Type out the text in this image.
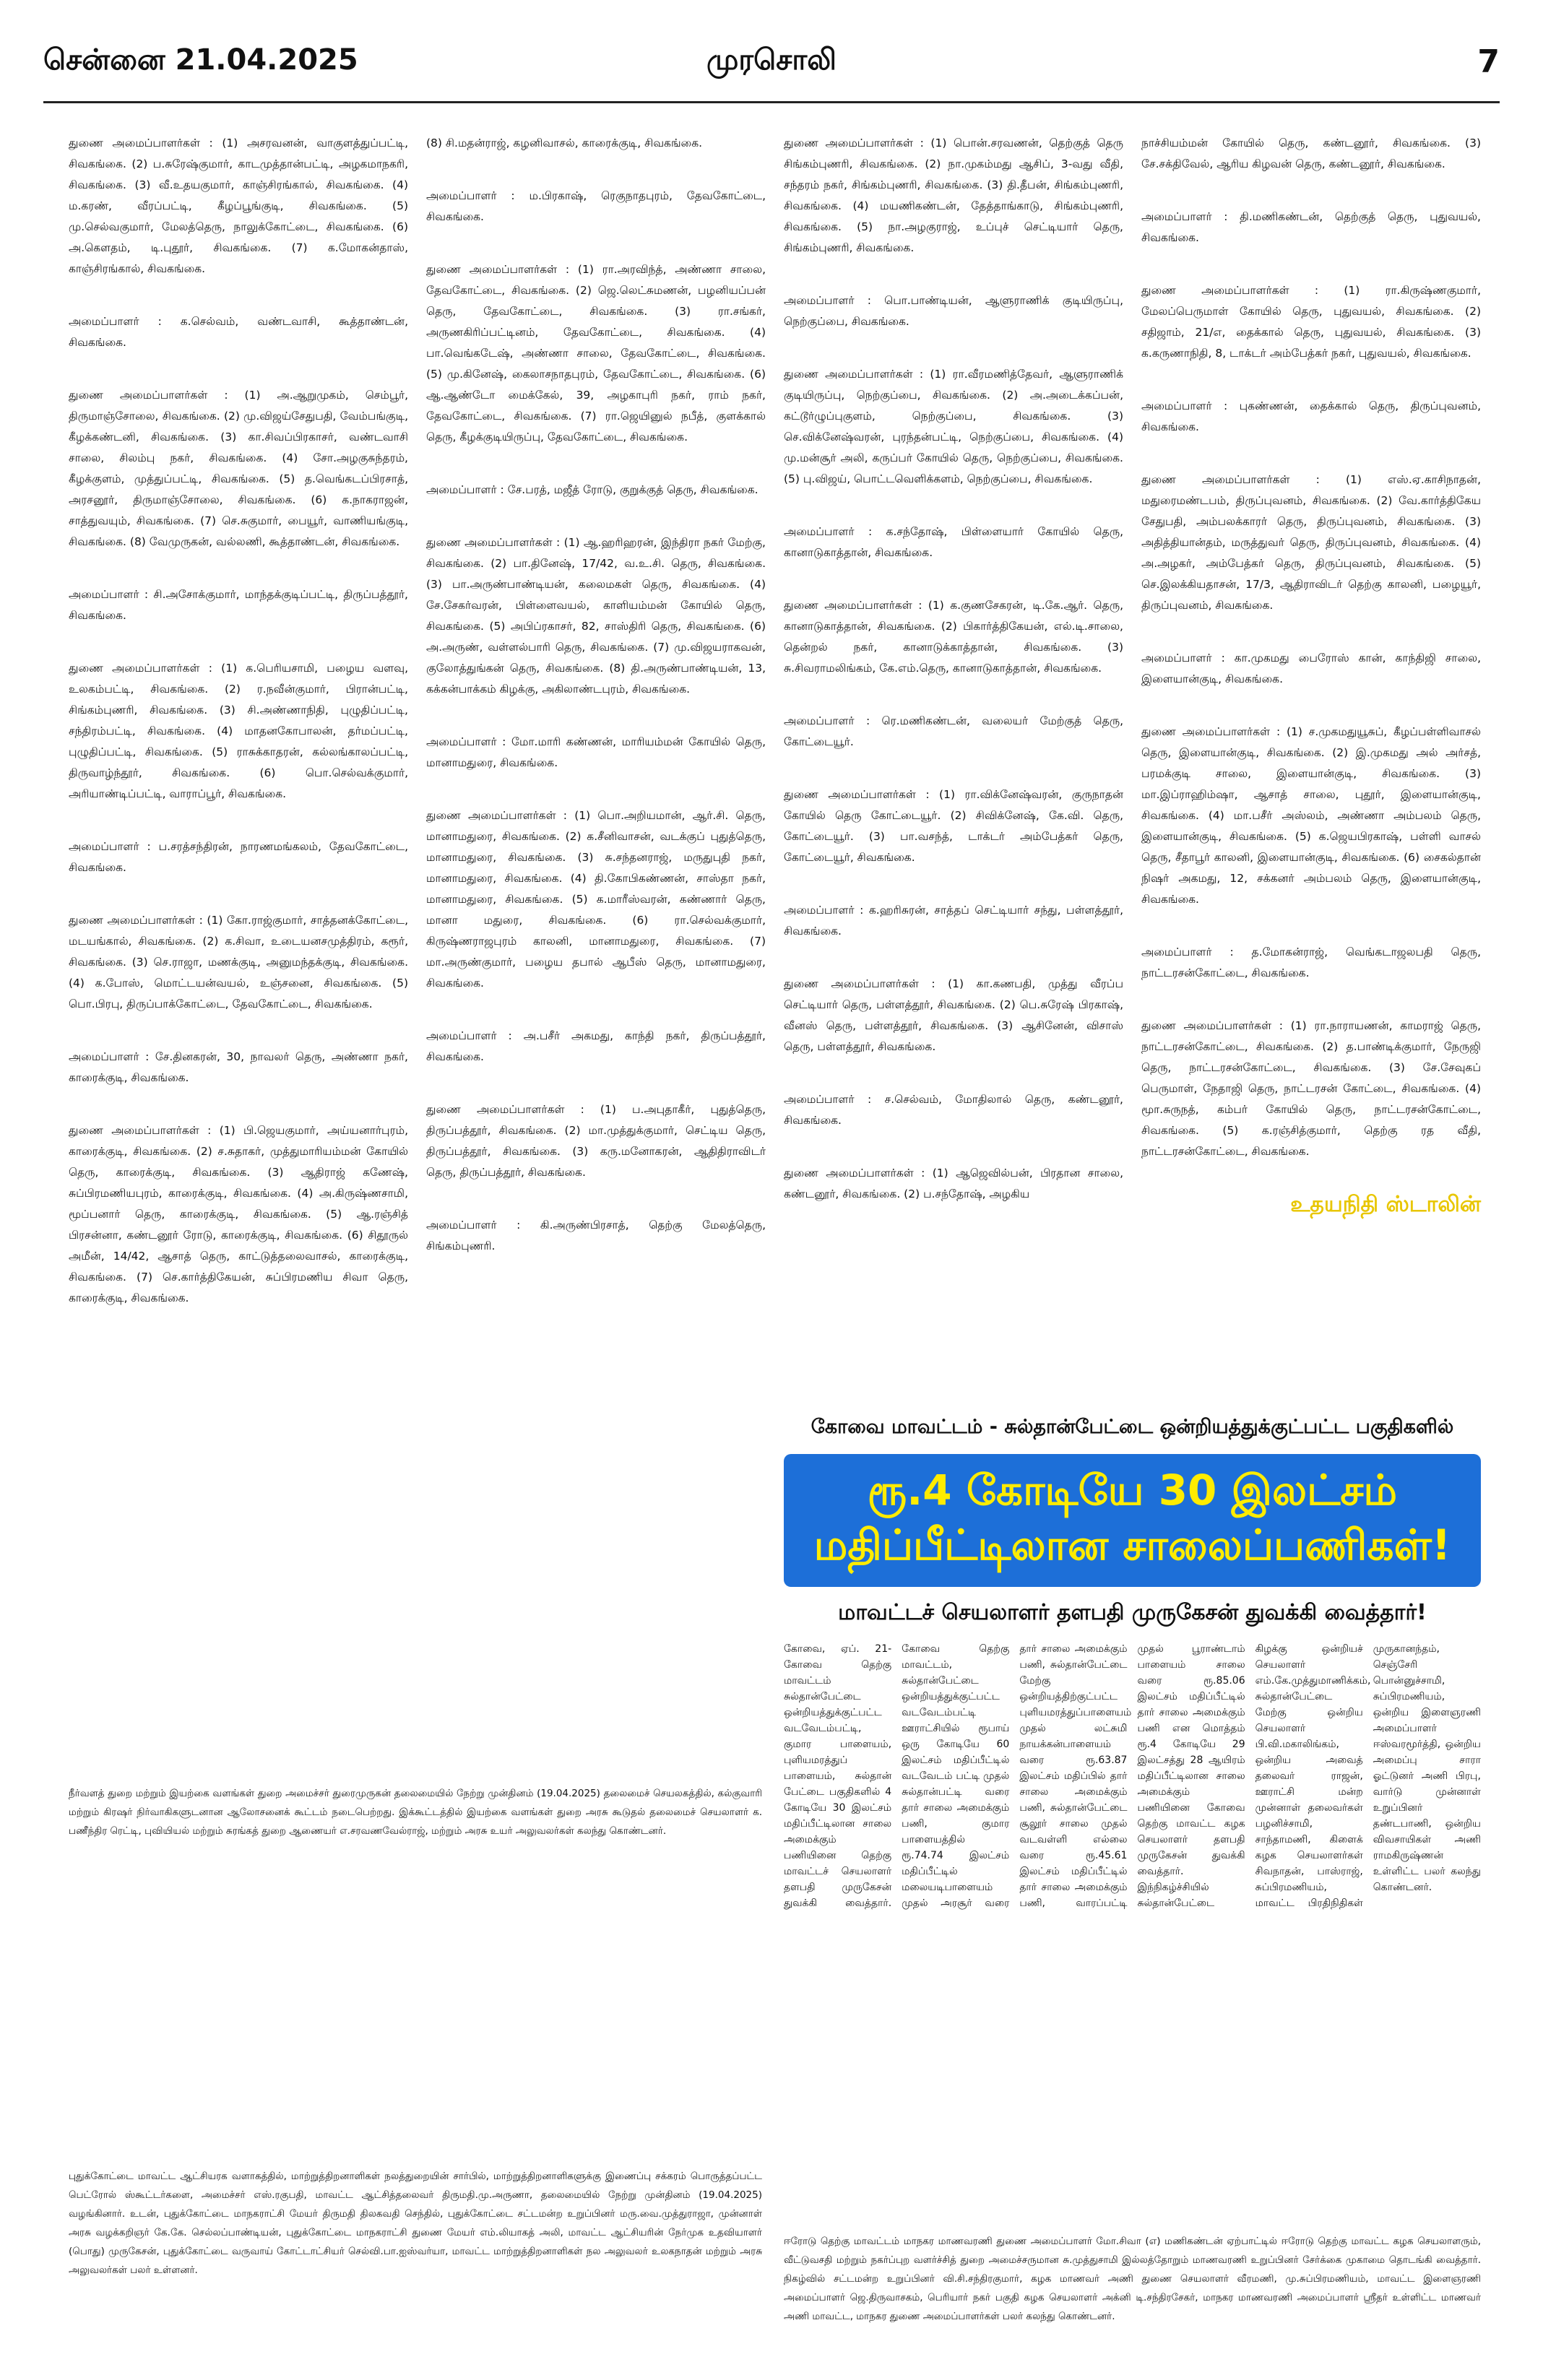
சென்னை 21.04.2025	முரசொலி	7

துணை அமைப்பாளர்கள் : (1) அசரவனன், வாகுளத்துப்பட்டி, சிவகங்கை. (2) ப.சுரேஷ்குமார், காடமுத்தான்பட்டி, அழகமாநகரி, சிவகங்கை. (3) வீ.உதயகுமார், காஞ்சிரங்கால், சிவகங்கை. (4) ம.கரண், வீரப்பட்டி, கீழப்பூங்குடி, சிவகங்கை. (5) மு.செல்வகுமார், மேலத்தெரு, நாலுக்கோட்டை, சிவகங்கை. (6) அ.கௌதம், டி.புதூர், சிவகங்கை. (7) க.மோகன்தாஸ், காஞ்சிரங்கால், சிவகங்கை.

அமைப்பாளர் : க.செல்வம், வண்டவாசி, கூத்தாண்டன், சிவகங்கை.

துணை அமைப்பாளர்கள் : (1) அ.ஆறுமுகம், செம்பூர், திருமாஞ்சோலை, சிவகங்கை. (2) மு.விஜய்சேதுபதி, வேம்பங்குடி, கீழக்கண்டனி, சிவகங்கை. (3) கா.சிவப்பிரகாசர், வண்டவாசி சாலை, சிலம்பு நகர், சிவகங்கை. (4) சோ.அழகுசுந்தரம், கீழக்குளம், முத்துப்பட்டி, சிவகங்கை. (5) த.வெங்கடப்பிரசாத், அரசனூர், திருமாஞ்சோலை, சிவகங்கை. (6) க.நாகராஜன், சாத்துவயும், சிவகங்கை. (7) செ.சுகுமார், பையூர், வாணியங்குடி, சிவகங்கை. (8) வேமுருகன், வல்லணி, கூத்தாண்டன், சிவகங்கை.

அமைப்பாளர் : சி.அசோக்குமார், மாந்தக்குடிப்பட்டி, திருப்பத்தூர், சிவகங்கை.

துணை அமைப்பாளர்கள் : (1) க.பெரியசாமி, பழைய வளவு, உலகம்பட்டி, சிவகங்கை. (2) ர.நவீன்குமார், பிரான்பட்டி, சிங்கம்புணரி, சிவகங்கை. (3) சி.அண்ணாநிதி, புழுதிப்பட்டி, சந்திரம்பட்டி, சிவகங்கை. (4) மாதனகோபாலன், தர்மப்பட்டி, புழுதிப்பட்டி, சிவகங்கை. (5) ராசுக்காதரன், கல்லங்காலப்பட்டி, திருவாழ்ந்தூர், சிவகங்கை. (6) பொ.செல்வக்குமார், அரியாண்டிப்பட்டி, வாராப்பூர், சிவகங்கை.

அமைப்பாளர் : ப.சரத்சந்திரன், நாரணமங்கலம், தேவகோட்டை, சிவகங்கை.

துணை அமைப்பாளர்கள் : (1) கோ.ராஜ்குமார், சாத்தனக்கோட்டை, மடயங்கால், சிவகங்கை. (2) க.சிவா, உடையனசமுத்திரம், கரூர், சிவகங்கை. (3) செ.ராஜா, மணக்குடி, அனுமந்தக்குடி, சிவகங்கை. (4) க.போஸ், மொட்டயன்வயல், உஞ்சனை, சிவகங்கை. (5) பொ.பிரபு, திருப்பாக்கோட்டை, தேவகோட்டை, சிவகங்கை.

அமைப்பாளர் : சே.தினகரன், 30, நாவலர் தெரு, அண்ணா நகர், காரைக்குடி, சிவகங்கை.

துணை அமைப்பாளர்கள் : (1) பி.ஜெயகுமார், அய்யனார்புரம், காரைக்குடி, சிவகங்கை. (2) ச.சுதாகர், முத்துமாரியம்மன் கோயில் தெரு, காரைக்குடி, சிவகங்கை. (3) ஆதிராஜ் கணேஷ், சுப்பிரமணியபுரம், காரைக்குடி, சிவகங்கை. (4) அ.கிருஷ்ணசாமி, மூப்பனார் தெரு, காரைக்குடி, சிவகங்கை. (5) ஆ.ரஞ்சித் பிரசன்னா, கண்டனூர் ரோடு, காரைக்குடி, சிவகங்கை. (6) சிதூருல் அமீன், 14/42, ஆசாத் தெரு, காட்டுத்தலைவாசல், காரைக்குடி, சிவகங்கை. (7) செ.கார்த்திகேயன், சுப்பிரமணிய சிவா தெரு, காரைக்குடி, சிவகங்கை.

(8) சி.மதன்ராஜ், கழனிவாசல், காரைக்குடி, சிவகங்கை.

அமைப்பாளர் : ம.பிரகாஷ், ரெகுநாதபுரம், தேவகோட்டை, சிவகங்கை.

துணை அமைப்பாளர்கள் : (1) ரா.அரவிந்த், அண்ணா சாலை, தேவகோட்டை, சிவகங்கை. (2) ஜெ.லெட்சுமணன், பழனியப்பன் தெரு, தேவகோட்டை, சிவகங்கை. (3) ரா.சங்கர், அருணகிரிப்பட்டினம், தேவகோட்டை, சிவகங்கை. (4) பா.வெங்கடேஷ், அண்ணா சாலை, தேவகோட்டை, சிவகங்கை. (5) மு.கினேஷ், கைலாசநாதபுரம், தேவகோட்டை, சிவகங்கை. (6) ஆ.ஆண்டோ மைக்கேல், 39, அழகாபுரி நகர், ராம் நகர், தேவகோட்டை, சிவகங்கை. (7) ரா.ஜெயினுல் நபீத், குளக்கால் தெரு, கீழக்குடியிருப்பு, தேவகோட்டை, சிவகங்கை.

அமைப்பாளர் : சே.பரத், மஜீத் ரோடு, குறுக்குத் தெரு, சிவகங்கை.

துணை அமைப்பாளர்கள் : (1) ஆ.ஹரிஹரன், இந்திரா நகர் மேற்கு, சிவகங்கை. (2) பா.தினேஷ், 17/42, வ.உ.சி. தெரு, சிவகங்கை. (3) பா.அருண்பாண்டியன், கலைமகள் தெரு, சிவகங்கை. (4) சே.சேகர்வரன், பிள்ளைவயல், காளியம்மன் கோயில் தெரு, சிவகங்கை. (5) அபிப்ரகாசர், 82, சாஸ்திரி தெரு, சிவகங்கை. (6) அ.அருண், வள்ளல்பாரி தெரு, சிவகங்கை. (7) மு.விஜயராகவன், குலோத்துங்கன் தெரு, சிவகங்கை. (8) தி.அருண்பாண்டியன், 13, கக்கன்பாக்கம் கிழக்கு, அகிலாண்டபுரம், சிவகங்கை.

அமைப்பாளர் : மோ.மாரி கண்ணன், மாரியம்மன் கோயில் தெரு, மானாமதுரை, சிவகங்கை.

துணை அமைப்பாளர்கள் : (1) பொ.அறியமான், ஆர்.சி. தெரு, மானாமதுரை, சிவகங்கை. (2) க.சீனிவாசன், வடக்குப் புதுத்தெரு, மானாமதுரை, சிவகங்கை. (3) சு.சந்தனராஜ், மருதுபுதி நகர், மானாமதுரை, சிவகங்கை. (4) தி.கோபிகண்ணன், சாஸ்தா நகர், மானாமதுரை, சிவகங்கை. (5) க.மாரீஸ்வரன், கண்ணார் தெரு, மானா மதுரை, சிவகங்கை. (6) ரா.செல்வக்குமார், கிருஷ்ணராஜபுரம் காலனி, மானாமதுரை, சிவகங்கை. (7) மா.அருண்குமார், பழைய தபால் ஆபீஸ் தெரு, மானாமதுரை, சிவகங்கை.

அமைப்பாளர் : அ.பசீர் அகமது, காந்தி நகர், திருப்பத்தூர், சிவகங்கை.

துணை அமைப்பாளர்கள் : (1) ப.அபுதாகீர், புதுத்தெரு, திருப்பத்தூர், சிவகங்கை. (2) மா.முத்துக்குமார், செட்டிய தெரு, திருப்பத்தூர், சிவகங்கை. (3) கரு.மனோகரன், ஆதிதிராவிடர் தெரு, திருப்பத்தூர், சிவகங்கை.

அமைப்பாளர் : கி.அருண்பிரசாத், தெற்கு மேலத்தெரு, சிங்கம்புணரி.

துணை அமைப்பாளர்கள் : (1) பொன்.சரவணன், தெற்குத் தெரு சிங்கம்புணரி, சிவகங்கை. (2) நா.முகம்மது ஆசிப், 3-வது வீதி, சந்தரம் நகர், சிங்கம்புணரி, சிவகங்கை. (3) தி.தீபன், சிங்கம்புணரி, சிவகங்கை. (4) மயணிகண்டன், தேத்தாங்காடு, சிங்கம்புணரி, சிவகங்கை. (5) நா.அழகுராஜ், உப்புச் செட்டியார் தெரு, சிங்கம்புணரி, சிவகங்கை.

அமைப்பாளர் : பொ.பாண்டியன், ஆளுராணிக் குடியிருப்பு, நெற்குப்பை, சிவகங்கை.

துணை அமைப்பாளர்கள் : (1) ரா.வீரமணித்தேவர், ஆளுராணிக் குடியிருப்பு, நெற்குப்பை, சிவகங்கை. (2) அ.அடைக்கப்பன், கட்டூர்ழுப்புகுளம், நெற்குப்பை, சிவகங்கை. (3) செ.விக்னேஷ்வரன், புரந்தன்பட்டி, நெற்குப்பை, சிவகங்கை. (4) மு.மன்சூர் அலி, கருப்பர் கோயில் தெரு, நெற்குப்பை, சிவகங்கை. (5) பு.விஜய், பொட்டவெளிக்களம், நெற்குப்பை, சிவகங்கை.

அமைப்பாளர் : க.சந்தோஷ், பிள்ளையார் கோயில் தெரு, கானாடுகாத்தான், சிவகங்கை.

துணை அமைப்பாளர்கள் : (1) க.குணசேகரன், டி.கே.ஆர். தெரு, கானாடுகாத்தான், சிவகங்கை. (2) பிகார்த்திகேயன், எல்.டி.சாலை, தென்றல் நகர், கானாடுக்காத்தான், சிவகங்கை. (3) சு.சிவராமலிங்கம், கே.எம்.தெரு, கானாடுகாத்தான், சிவகங்கை.

அமைப்பாளர் : ரெ.மணிகண்டன், வலையர் மேற்குத் தெரு, கோட்டையூர்.

துணை அமைப்பாளர்கள் : (1) ரா.விக்னேஷ்வரன், குருநாதன் கோயில் தெரு கோட்டையூர். (2) சிவிக்னேஷ், கே.வி. தெரு, கோட்டையூர். (3) பா.வசந்த், டாக்டர் அம்பேத்கர் தெரு, கோட்டையூர், சிவகங்கை.

அமைப்பாளர் : க.ஹரிசுரன், சாத்தப் செட்டியார் சந்து, பள்ளத்தூர், சிவகங்கை.

துணை அமைப்பாளர்கள் : (1) கா.கணபதி, முத்து வீரப்ப செட்டியார் தெரு, பள்ளத்தூர், சிவகங்கை. (2) பெ.சுரேஷ் பிரகாஷ், வீனஸ் தெரு, பள்ளத்தூர், சிவகங்கை. (3) ஆசினேன், விசாஸ் தெரு, பள்ளத்தூர், சிவகங்கை.

அமைப்பாளர் : ச.செல்வம், மோதிலால் தெரு, கண்டனூர், சிவகங்கை.

துணை அமைப்பாளர்கள் : (1) ஆஜெவில்பன், பிரதான சாலை, கண்டனூர், சிவகங்கை. (2) ப.சந்தோஷ், அழகிய

நாச்சியம்மன் கோயில் தெரு, கண்டனூர், சிவகங்கை. (3) சே.சக்திவேல், ஆரிய கிழவன் தெரு, கண்டனூர், சிவகங்கை.

அமைப்பாளர் : தி.மணிகண்டன், தெற்குத் தெரு, புதுவயல், சிவகங்கை.

துணை அமைப்பாளர்கள் : (1) ரா.கிருஷ்ணகுமார், மேலப்பெருமாள் கோயில் தெரு, புதுவயல், சிவகங்கை. (2) சதிஜாம், 21/எ, தைக்கால் தெரு, புதுவயல், சிவகங்கை. (3) க.கருணாநிதி, 8, டாக்டர் அம்பேத்கர் நகர், புதுவயல், சிவகங்கை.

அமைப்பாளர் : புகண்ணன், தைக்கால் தெரு, திருப்புவனம், சிவகங்கை.

துணை அமைப்பாளர்கள் : (1) எஸ்.ஏ.காசிநாதன், மதுரைமண்டபம், திருப்புவனம், சிவகங்கை. (2) வே.கார்த்திகேய சேதுபதி, அம்பலக்காரர் தெரு, திருப்புவனம், சிவகங்கை. (3) அதித்தியான்தம், மருத்துவர் தெரு, திருப்புவனம், சிவகங்கை. (4) அ.அழகர், அம்பேத்கர் தெரு, திருப்புவனம், சிவகங்கை. (5) செ.இலக்கியதாசன், 17/3, ஆதிராவிடர் தெற்கு காலனி, பழையூர், திருப்புவனம், சிவகங்கை.

அமைப்பாளர் : கா.முகமது பைரோஸ் கான், காந்திஜி சாலை, இளையான்குடி, சிவகங்கை.

துணை அமைப்பாளர்கள் : (1) ச.முகமதுயூசுப், கீழப்பள்ளிவாசல் தெரு, இளையான்குடி, சிவகங்கை. (2) இ.முகமது அல் அர்சத், பரமக்குடி சாலை, இளையான்குடி, சிவகங்கை. (3) மா.இப்ராஹிம்ஷா, ஆசாத் சாலை, புதூர், இளையான்குடி, சிவகங்கை. (4) மா.பசீர் அஸ்லம், அண்ணா அம்பலம் தெரு, இளையான்குடி, சிவகங்கை. (5) க.ஜெயபிரகாஷ், பள்ளி வாசல் தெரு, சீதாபூர் காலனி, இளையான்குடி, சிவகங்கை. (6) சைகல்தான் நிஷர் அகமது, 12, சக்கனர் அம்பலம் தெரு, இளையான்குடி, சிவகங்கை.

அமைப்பாளர் : த.மோகன்ராஜ், வெங்கடாஜலபதி தெரு, நாட்டரசன்கோட்டை, சிவகங்கை.

துணை அமைப்பாளர்கள் : (1) ரா.நாராயணன், காமராஜ் தெரு, நாட்டரசன்கோட்டை, சிவகங்கை. (2) த.பாண்டிக்குமார், நேருஜி தெரு, நாட்டரசன்கோட்டை, சிவகங்கை. (3) சே.சேவுகப் பெருமாள், நேதாஜி தெரு, நாட்டரசன் கோட்டை, சிவகங்கை. (4) மூா.சுருநத், கம்பர் கோயில் தெரு, நாட்டரசன்கோட்டை, சிவகங்கை. (5) க.ரஞ்சித்குமார், தெற்கு ரத வீதி, நாட்டரசன்கோட்டை, சிவகங்கை.

உதயநிதி ஸ்டாலின்
கோவை மாவட்டம் - சுல்தான்பேட்டை ஒன்றியத்துக்குட்பட்ட பகுதிகளில்
ரூ.4 கோடியே 30 இலட்சம் மதிப்பீட்டிலான சாலைப்பணிகள்!
மாவட்டச் செயலாளர் தளபதி முருகேசன் துவக்கி வைத்தார்!

கோவை, ஏப். 21- கோவை தெற்கு மாவட்டம் சுல்தான்பேட்டை ஒன்றியத்துக்குட்பட்ட வடவேடம்பட்டி, குமார பாளையம், புளியமரத்துப் பாளையம், சுல்தான் பேட்டை பகுதிகளில் 4 கோடியே 30 இலட்சம் மதிப்பீட்டிலான சாலை அமைக்கும் பணியினை தெற்கு மாவட்டச் செயலாளர் தளபதி முருகேசன் துவக்கி வைத்தார். கோவை தெற்கு மாவட்டம், சுல்தான்பேட்டை ஒன்றியத்துக்குட்பட்ட வடவேடம்பட்டி ஊராட்சியில் ரூபாய் ஒரு கோடியே 60 இலட்சம் மதிப்பீட்டில் வடவேடம் பட்டி முதல் சுல்தான்பட்டி வரை தார் சாலை அமைக்கும் பணி, குமார பாளையத்தில் ரூ.74.74 இலட்சம் மதிப்பீட்டில் மலையடிபாளையம் முதல் அரசூர் வரை தார் சாலை அமைக்கும் பணி, சுல்தான்பேட்டை மேற்கு ஒன்றியத்திற்குட்பட்ட புளியமரத்துப்பாளையம் முதல் லட்சுமி நாயக்கன்பாளையம் வரை ரூ.63.87 இலட்சம் மதிப்பில் தார் சாலை அமைக்கும் பணி, சுல்தான்பேட்டை சூலூர் சாலை முதல் வடவள்ளி எல்லை வரை ரூ.45.61 இலட்சம் மதிப்பீட்டில் தார் சாலை அமைக்கும் பணி, வாரப்பட்டி முதல் பூராண்டாம் பாளையம் சாலை வரை ரூ.85.06 இலட்சம் மதிப்பீட்டில் தார் சாலை அமைக்கும் பணி என மொத்தம் ரூ.4 கோடியே 29 இலட்சத்து 28 ஆயிரம் மதிப்பீட்டிலான சாலை அமைக்கும் பணியினை கோவை தெற்கு மாவட்ட கழக செயலாளர் தளபதி முருகேசன் துவக்கி வைத்தார். இந்நிகழ்ச்சியில் சுல்தான்பேட்டை கிழக்கு ஒன்றியச் செயலாளர் எம்.கே.முத்துமாணிக்கம், சுல்தான்பேட்டை மேற்கு ஒன்றிய செயலாளர் பி.வி.மகாலிங்கம், ஒன்றிய அவைத் தலைவர் ராஜன், ஊராட்சி மன்ற முன்னாள் தலைவர்கள் பழனிச்சாமி, சாந்தாமணி, கிளைக் கழக செயலாளர்கள் சிவநாதன், பாஸ்ராஜ், சுப்பிரமணியம், மாவட்ட பிரதிநிதிகள் முருகானந்தம், செஞ்சேரி பொன்னுச்சாமி, சுப்பிரமணியம், ஒன்றிய இளைஞரணி அமைப்பாளர் ஈஸ்வரமூர்த்தி, ஒன்றிய அமைப்பு சாரா ஓட்டுனர் அணி பிரபு, வார்டு முன்னாள் உறுப்பினர் தண்டபாணி, ஒன்றிய விவசாயிகள் அணி ராமகிருஷ்ணன் உள்ளிட்ட பலர் கலந்து கொண்டனர்.

நீர்வளத் துறை மற்றும் இயற்கை வளங்கள் துறை அமைச்சர் துரைமுருகன் தலைமையில் நேற்று முன்தினம் (19.04.2025) தலைமைச் செயலகத்தில், கல்குவாரி மற்றும் கிரஷர் நிர்வாகிகளுடனான ஆலோசனைக் கூட்டம் நடைபெற்றது. இக்கூட்டத்தில் இயற்கை வளங்கள் துறை அரசு கூடுதல் தலைமைச் செயலாளர் க. பணீந்திர ரெட்டி, புவியியல் மற்றும் சுரங்கத் துறை ஆணையர் எ.சரவணவேல்ராஜ், மற்றும் அரசு உயர் அலுவலர்கள் கலந்து கொண்டனர்.
புதுக்கோட்டை மாவட்ட ஆட்சியரக வளாகத்தில், மாற்றுத்திறனாளிகள் நலத்துறையின் சார்பில், மாற்றுத்திறனாளிகளுக்கு இணைப்பு சக்கரம் பொருத்தப்பட்ட பெட்ரோல் ஸ்கூட்டர்களை, அமைச்சர் எஸ்.ரகுபதி, மாவட்ட ஆட்சித்தலைவர் திருமதி.மு.அருணா, தலைமையில் நேற்று முன்தினம் (19.04.2025) வழங்கினார். உடன், புதுக்கோட்டை மாநகராட்சி மேயர் திருமதி திலகவதி செந்தில், புதுக்கோட்டை சட்டமன்ற உறுப்பினர் மரு.வை.முத்துராஜா, முன்னாள் அரசு வழக்கறிஞர் கே.கே. செல்லப்பாண்டியன், புதுக்கோட்டை மாநகராட்சி துணை மேயர் எம்.லியாகத் அலி, மாவட்ட ஆட்சியரின் நேர்முக உதவியாளர் (பொது) முருகேசன், புதுக்கோட்டை வருவாய் கோட்டாட்சியர் செல்வி.பா.ஐஸ்வர்யா, மாவட்ட மாற்றுத்திறனாளிகள் நல அலுவலர் உலகநாதன் மற்றும் அரசு அலுவலர்கள் பலர் உள்ளனர்.
ஈரோடு தெற்கு மாவட்டம் மாநகர மாணவரணி துணை அமைப்பாளர் மோ.சிவா (எ) மணிகண்டன் ஏற்பாட்டில் ஈரோடு தெற்கு மாவட்ட கழக செயலாளரும், வீட்டுவசதி மற்றும் நகர்ப்புற வளர்ச்சித் துறை அமைச்சருமான சு.முத்துசாமி இல்லத்தோறும் மாணவரணி உறுப்பினர் சேர்க்கை முகாமை தொடங்கி வைத்தார். நிகழ்வில் சட்டமன்ற உறுப்பினர் வி.சி.சந்திரகுமார், கழக மாணவர் அணி துணை செயலாளர் வீரமணி, மு.சுப்பிரமணியம், மாவட்ட இளைஞரணி அமைப்பாளர் ஜெ.திருவாசகம், பெரியார் நகர் பகுதி கழக செயலாளர் அக்னி டி.சந்திரசேகர், மாநகர மாணவரணி அமைப்பாளர் ஸ்ரீதர் உள்ளிட்ட மாணவர் அணி மாவட்ட, மாநகர துணை அமைப்பாளர்கள் பலர் கலந்து கொண்டனர்.
